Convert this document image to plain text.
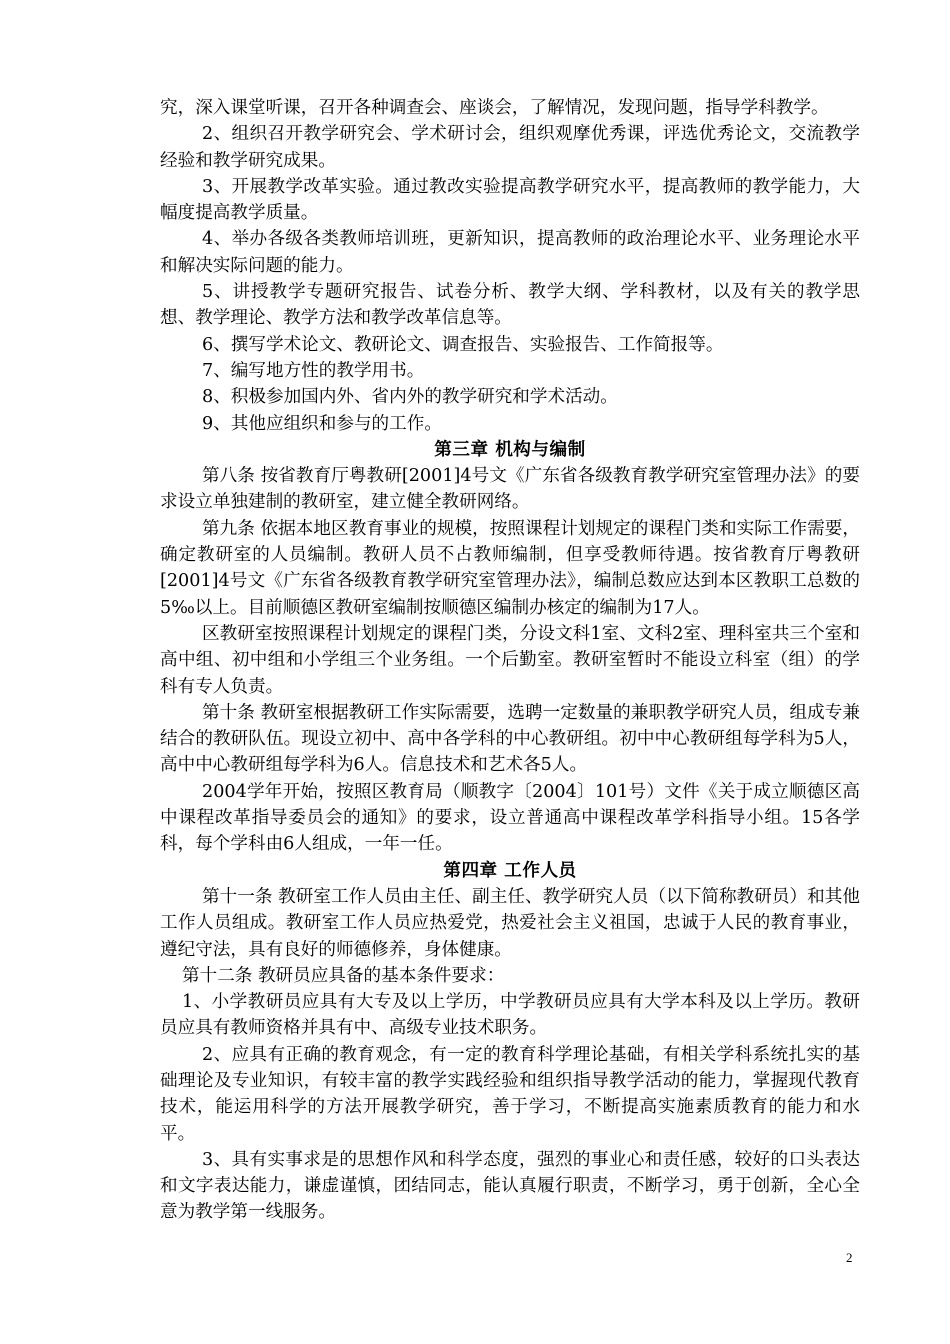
究，深入课堂听课，召开各种调查会、座谈会，了解情况，发现问题，指导学科教学。

2、组织召开教学研究会、学术研讨会，组织观摩优秀课，评选优秀论文，交流教学经验和教学研究成果。

3、开展教学改革实验。通过教改实验提高教学研究水平，提高教师的教学能力，大幅度提高教学质量。

4、举办各级各类教师培训班，更新知识，提高教师的政治理论水平、业务理论水平和解决实际问题的能力。

5、讲授教学专题研究报告、试卷分析、教学大纲、学科教材，以及有关的教学思想、教学理论、教学方法和教学改革信息等。

6、撰写学术论文、教研论文、调查报告、实验报告、工作简报等。

7、编写地方性的教学用书。

8、积极参加国内外、省内外的教学研究和学术活动。

9、其他应组织和参与的工作。

第三章 机构与编制

第八条 按省教育厅粤教研[2001]4号文《广东省各级教育教学研究室管理办法》的要求设立单独建制的教研室，建立健全教研网络。

第九条 依据本地区教育事业的规模，按照课程计划规定的课程门类和实际工作需要，确定教研室的人员编制。教研人员不占教师编制，但享受教师待遇。按省教育厅粤教研[2001]4号文《广东省各级教育教学研究室管理办法》，编制总数应达到本区教职工总数的5‰以上。目前顺德区教研室编制按顺德区编制办核定的编制为17人。

区教研室按照课程计划规定的课程门类，分设文科1室、文科2室、理科室共三个室和高中组、初中组和小学组三个业务组。一个后勤室。教研室暂时不能设立科室（组）的学科有专人负责。

第十条 教研室根据教研工作实际需要，选聘一定数量的兼职教学研究人员，组成专兼结合的教研队伍。现设立初中、高中各学科的中心教研组。初中中心教研组每学科为5人，高中中心教研组每学科为6人。信息技术和艺术各5人。

2004学年开始，按照区教育局（顺教字〔2004〕101号）文件《关于成立顺德区高中课程改革指导委员会的通知》的要求，设立普通高中课程改革学科指导小组。15各学科，每个学科由6人组成，一年一任。

第四章 工作人员

第十一条 教研室工作人员由主任、副主任、教学研究人员（以下简称教研员）和其他工作人员组成。教研室工作人员应热爱党，热爱社会主义祖国，忠诚于人民的教育事业，遵纪守法，具有良好的师德修养，身体健康。

第十二条 教研员应具备的基本条件要求：

1、小学教研员应具有大专及以上学历，中学教研员应具有大学本科及以上学历。教研员应具有教师资格并具有中、高级专业技术职务。

2、应具有正确的教育观念，有一定的教育科学理论基础，有相关学科系统扎实的基础理论及专业知识，有较丰富的教学实践经验和组织指导教学活动的能力，掌握现代教育技术，能运用科学的方法开展教学研究，善于学习，不断提高实施素质教育的能力和水平。

3、具有实事求是的思想作风和科学态度，强烈的事业心和责任感，较好的口头表达和文字表达能力，谦虚谨慎，团结同志，能认真履行职责，不断学习，勇于创新，全心全意为教学第一线服务。

2
